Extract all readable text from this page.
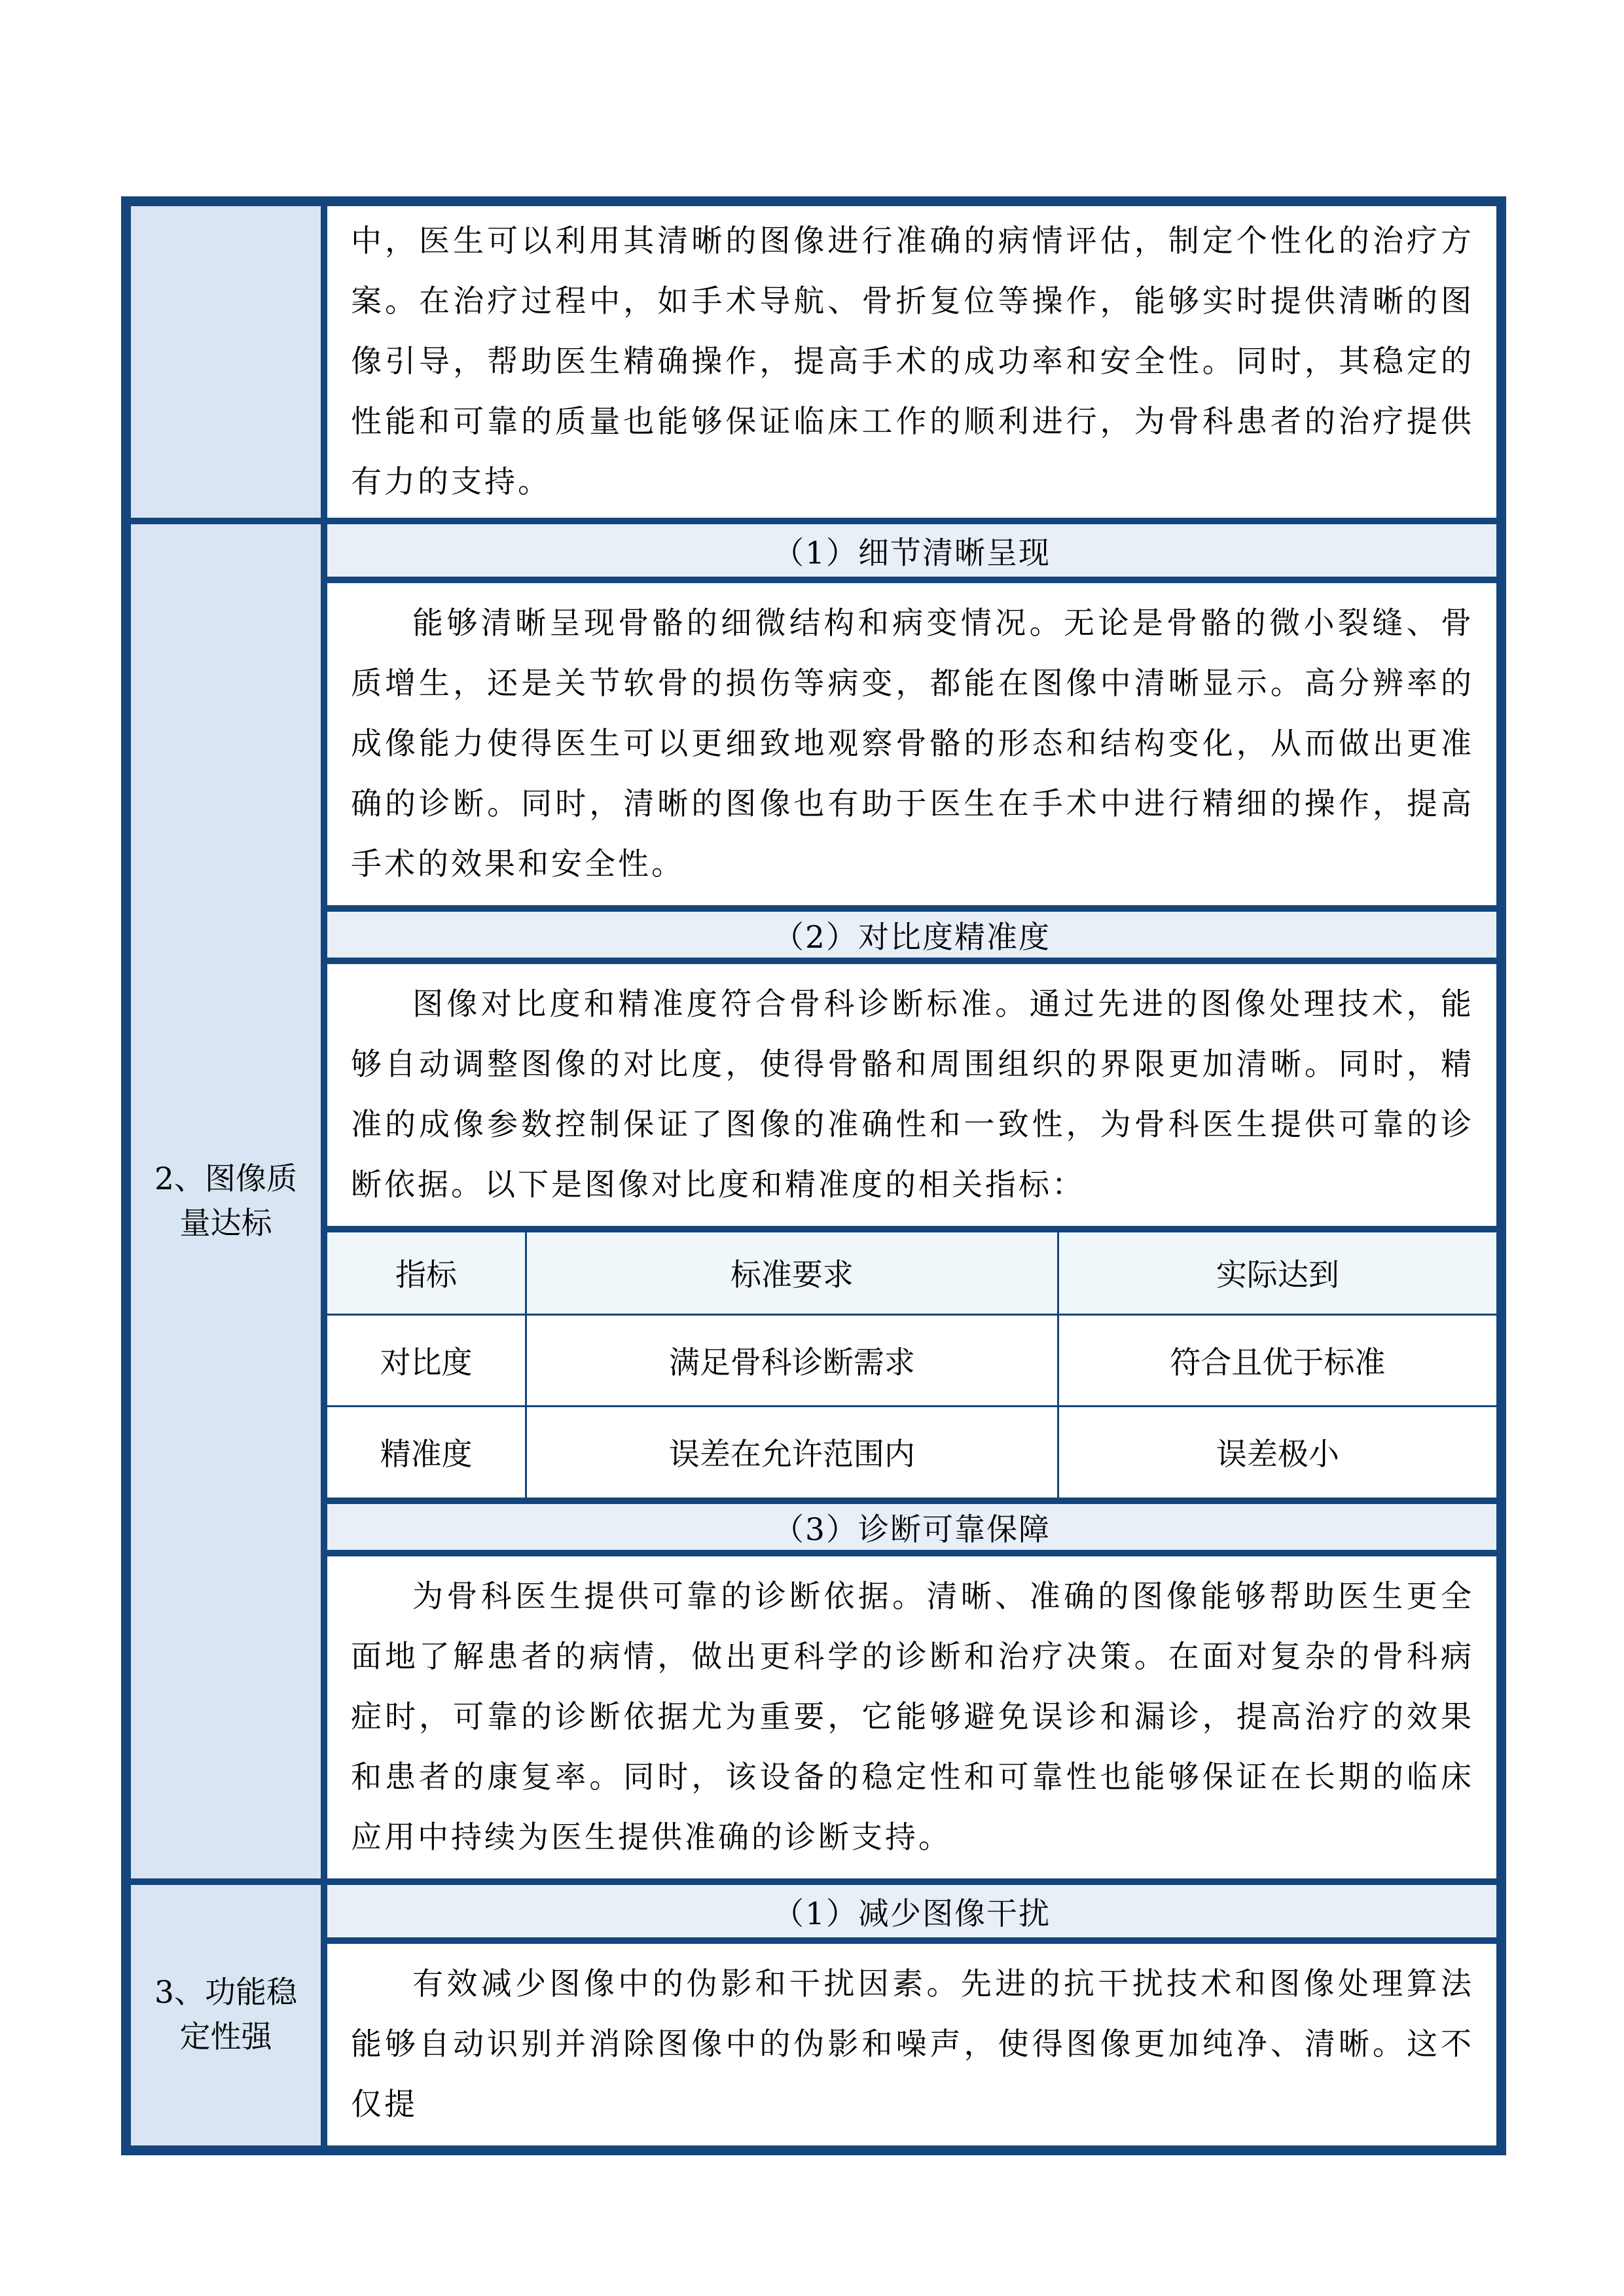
中，医生可以利用其清晰的图像进行准确的病情评估，制定个性化的治疗方案。在治疗过程中，如手术导航、骨折复位等操作，能够实时提供清晰的图像引导，帮助医生精确操作，提高手术的成功率和安全性。同时，其稳定的性能和可靠的质量也能够保证临床工作的顺利进行，为骨科患者的治疗提供有力的支持。
2、图像质量达标
（1）细节清晰呈现
能够清晰呈现骨骼的细微结构和病变情况。无论是骨骼的微小裂缝、骨质增生，还是关节软骨的损伤等病变，都能在图像中清晰显示。高分辨率的成像能力使得医生可以更细致地观察骨骼的形态和结构变化，从而做出更准确的诊断。同时，清晰的图像也有助于医生在手术中进行精细的操作，提高手术的效果和安全性。
（2）对比度精准度
图像对比度和精准度符合骨科诊断标准。通过先进的图像处理技术，能够自动调整图像的对比度，使得骨骼和周围组织的界限更加清晰。同时，精准的成像参数控制保证了图像的准确性和一致性，为骨科医生提供可靠的诊断依据。以下是图像对比度和精准度的相关指标：
指标	标准要求	实际达到
对比度	满足骨科诊断需求	符合且优于标准
精准度	误差在允许范围内	误差极小
（3）诊断可靠保障
为骨科医生提供可靠的诊断依据。清晰、准确的图像能够帮助医生更全面地了解患者的病情，做出更科学的诊断和治疗决策。在面对复杂的骨科病症时，可靠的诊断依据尤为重要，它能够避免误诊和漏诊，提高治疗的效果和患者的康复率。同时，该设备的稳定性和可靠性也能够保证在长期的临床应用中持续为医生提供准确的诊断支持。
3、功能稳定性强
（1）减少图像干扰
有效减少图像中的伪影和干扰因素。先进的抗干扰技术和图像处理算法能够自动识别并消除图像中的伪影和噪声，使得图像更加纯净、清晰。这不仅提
